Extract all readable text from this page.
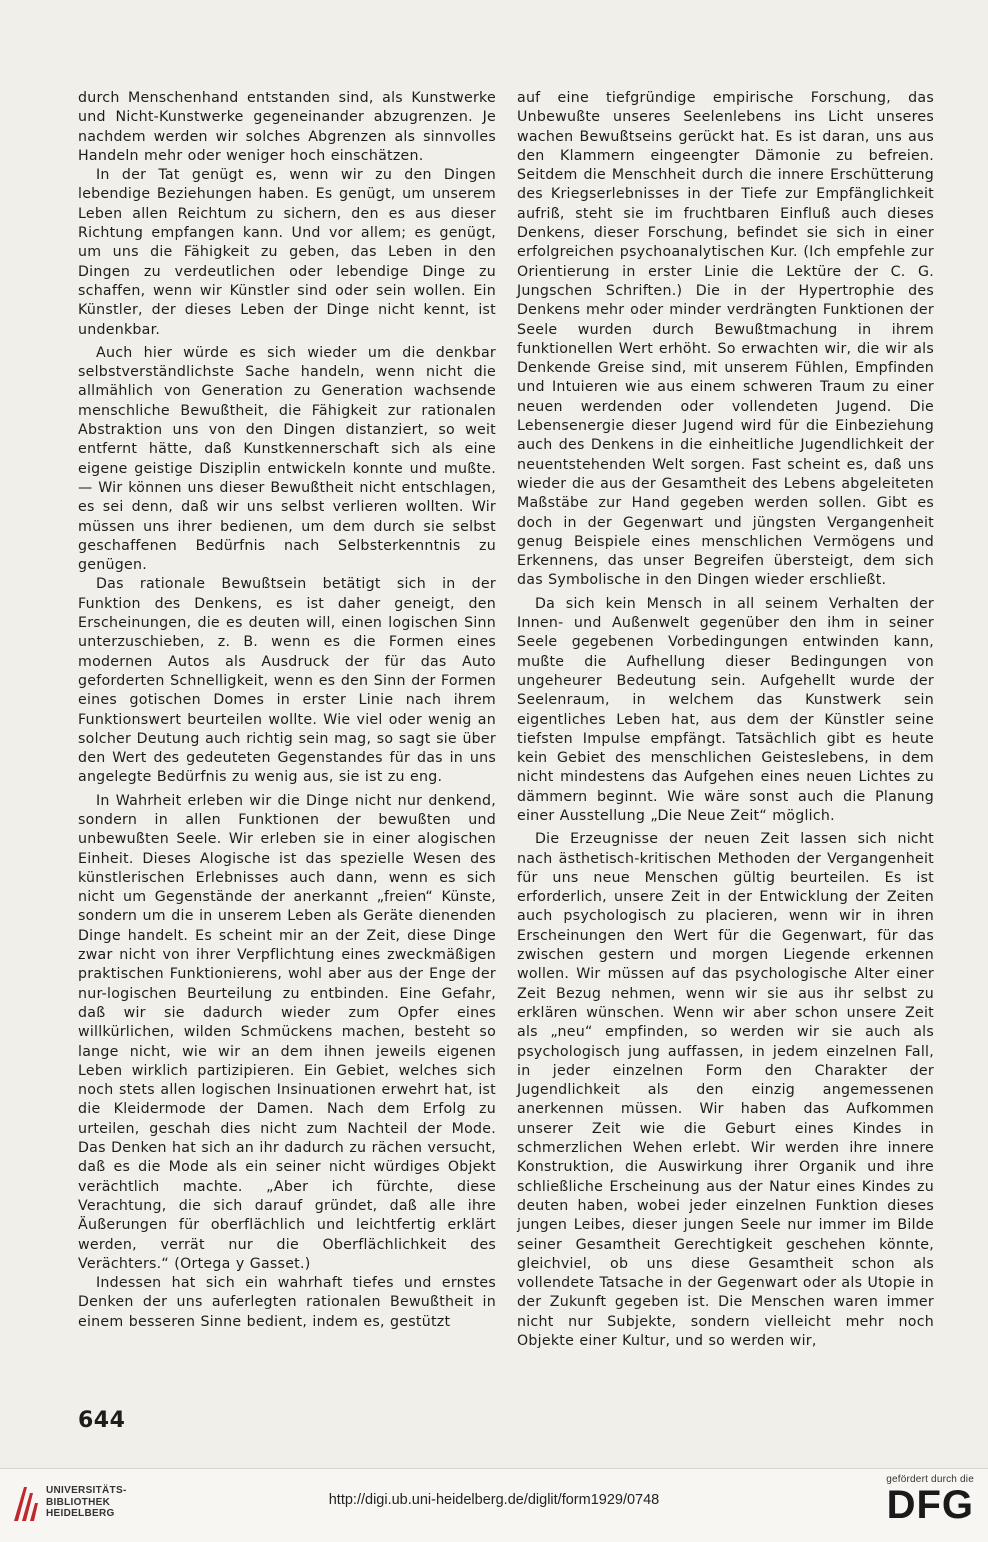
durch Menschenhand entstanden sind, als Kunstwerke und Nicht-Kunstwerke gegeneinander abzugrenzen. Je nachdem werden wir solches Abgrenzen als sinnvolles Handeln mehr oder weniger hoch einschätzen.

In der Tat genügt es, wenn wir zu den Dingen lebendige Beziehungen haben. Es genügt, um unserem Leben allen Reichtum zu sichern, den es aus dieser Richtung empfangen kann. Und vor allem; es genügt, um uns die Fähigkeit zu geben, das Leben in den Dingen zu verdeutlichen oder lebendige Dinge zu schaffen, wenn wir Künstler sind oder sein wollen. Ein Künstler, der dieses Leben der Dinge nicht kennt, ist undenkbar.

Auch hier würde es sich wieder um die denkbar selbstverständlichste Sache handeln, wenn nicht die allmählich von Generation zu Generation wachsende menschliche Bewußtheit, die Fähigkeit zur rationalen Abstraktion uns von den Dingen distanziert, so weit entfernt hätte, daß Kunstkennerschaft sich als eine eigene geistige Disziplin entwickeln konnte und mußte. — Wir können uns dieser Bewußtheit nicht entschlagen, es sei denn, daß wir uns selbst verlieren wollten. Wir müssen uns ihrer bedienen, um dem durch sie selbst geschaffenen Bedürfnis nach Selbsterkenntnis zu genügen.

Das rationale Bewußtsein betätigt sich in der Funktion des Denkens, es ist daher geneigt, den Erscheinungen, die es deuten will, einen logischen Sinn unterzuschieben, z. B. wenn es die Formen eines modernen Autos als Ausdruck der für das Auto geforderten Schnelligkeit, wenn es den Sinn der Formen eines gotischen Domes in erster Linie nach ihrem Funktionswert beurteilen wollte. Wie viel oder wenig an solcher Deutung auch richtig sein mag, so sagt sie über den Wert des gedeuteten Gegenstandes für das in uns angelegte Bedürfnis zu wenig aus, sie ist zu eng.

In Wahrheit erleben wir die Dinge nicht nur denkend, sondern in allen Funktionen der bewußten und unbewußten Seele. Wir erleben sie in einer alogischen Einheit. Dieses Alogische ist das spezielle Wesen des künstlerischen Erlebnisses auch dann, wenn es sich nicht um Gegenstände der anerkannt „freien“ Künste, sondern um die in unserem Leben als Geräte dienenden Dinge handelt. Es scheint mir an der Zeit, diese Dinge zwar nicht von ihrer Verpflichtung eines zweckmäßigen praktischen Funktionierens, wohl aber aus der Enge der nur-logischen Beurteilung zu entbinden. Eine Gefahr, daß wir sie dadurch wieder zum Opfer eines willkürlichen, wilden Schmückens machen, besteht so lange nicht, wie wir an dem ihnen jeweils eigenen Leben wirklich partizipieren. Ein Gebiet, welches sich noch stets allen logischen Insinuationen erwehrt hat, ist die Kleidermode der Damen. Nach dem Erfolg zu urteilen, geschah dies nicht zum Nachteil der Mode. Das Denken hat sich an ihr dadurch zu rächen versucht, daß es die Mode als ein seiner nicht würdiges Objekt verächtlich machte. „Aber ich fürchte, diese Verachtung, die sich darauf gründet, daß alle ihre Äußerungen für oberflächlich und leichtfertig erklärt werden, verrät nur die Oberflächlichkeit des Verächters.“ (Ortega y Gasset.)

Indessen hat sich ein wahrhaft tiefes und ernstes Denken der uns auferlegten rationalen Bewußtheit in einem besseren Sinne bedient, indem es, gestützt

auf eine tiefgründige empirische Forschung, das Unbewußte unseres Seelenlebens ins Licht unseres wachen Bewußtseins gerückt hat. Es ist daran, uns aus den Klammern eingeengter Dämonie zu befreien. Seitdem die Menschheit durch die innere Erschütterung des Kriegserlebnisses in der Tiefe zur Empfänglichkeit aufriß, steht sie im fruchtbaren Einfluß auch dieses Denkens, dieser Forschung, befindet sie sich in einer erfolgreichen psychoanalytischen Kur. (Ich empfehle zur Orientierung in erster Linie die Lektüre der C. G. Jungschen Schriften.) Die in der Hypertrophie des Denkens mehr oder minder verdrängten Funktionen der Seele wurden durch Bewußtmachung in ihrem funktionellen Wert erhöht. So erwachten wir, die wir als Denkende Greise sind, mit unserem Fühlen, Empfinden und Intuieren wie aus einem schweren Traum zu einer neuen werdenden oder vollendeten Jugend. Die Lebensenergie dieser Jugend wird für die Einbeziehung auch des Denkens in die einheitliche Jugendlichkeit der neuentstehenden Welt sorgen. Fast scheint es, daß uns wieder die aus der Gesamtheit des Lebens abgeleiteten Maßstäbe zur Hand gegeben werden sollen. Gibt es doch in der Gegenwart und jüngsten Vergangenheit genug Beispiele eines menschlichen Vermögens und Erkennens, das unser Begreifen übersteigt, dem sich das Symbolische in den Dingen wieder erschließt.

Da sich kein Mensch in all seinem Verhalten der Innen- und Außenwelt gegenüber den ihm in seiner Seele gegebenen Vorbedingungen entwinden kann, mußte die Aufhellung dieser Bedingungen von ungeheurer Bedeutung sein. Aufgehellt wurde der Seelenraum, in welchem das Kunstwerk sein eigentliches Leben hat, aus dem der Künstler seine tiefsten Impulse empfängt. Tatsächlich gibt es heute kein Gebiet des menschlichen Geisteslebens, in dem nicht mindestens das Aufgehen eines neuen Lichtes zu dämmern beginnt. Wie wäre sonst auch die Planung einer Ausstellung „Die Neue Zeit“ möglich.

Die Erzeugnisse der neuen Zeit lassen sich nicht nach ästhetisch-kritischen Methoden der Vergangenheit für uns neue Menschen gültig beurteilen. Es ist erforderlich, unsere Zeit in der Entwicklung der Zeiten auch psychologisch zu placieren, wenn wir in ihren Erscheinungen den Wert für die Gegenwart, für das zwischen gestern und morgen Liegende erkennen wollen. Wir müssen auf das psychologische Alter einer Zeit Bezug nehmen, wenn wir sie aus ihr selbst zu erklären wünschen. Wenn wir aber schon unsere Zeit als „neu“ empfinden, so werden wir sie auch als psychologisch jung auffassen, in jedem einzelnen Fall, in jeder einzelnen Form den Charakter der Jugendlichkeit als den einzig angemessenen anerkennen müssen. Wir haben das Aufkommen unserer Zeit wie die Geburt eines Kindes in schmerzlichen Wehen erlebt. Wir werden ihre innere Konstruktion, die Auswirkung ihrer Organik und ihre schließliche Erscheinung aus der Natur eines Kindes zu deuten haben, wobei jeder einzelnen Funktion dieses jungen Leibes, dieser jungen Seele nur immer im Bilde seiner Gesamtheit Gerechtigkeit geschehen könnte, gleichviel, ob uns diese Gesamtheit schon als vollendete Tatsache in der Gegenwart oder als Utopie in der Zukunft gegeben ist. Die Menschen waren immer nicht nur Subjekte, sondern vielleicht mehr noch Objekte einer Kultur, und so werden wir,

644
UNIVERSITÄTS-
BIBLIOTHEK
HEIDELBERG
http://digi.ub.uni-heidelberg.de/diglit/form1929/0748
gefördert durch die
DFG
